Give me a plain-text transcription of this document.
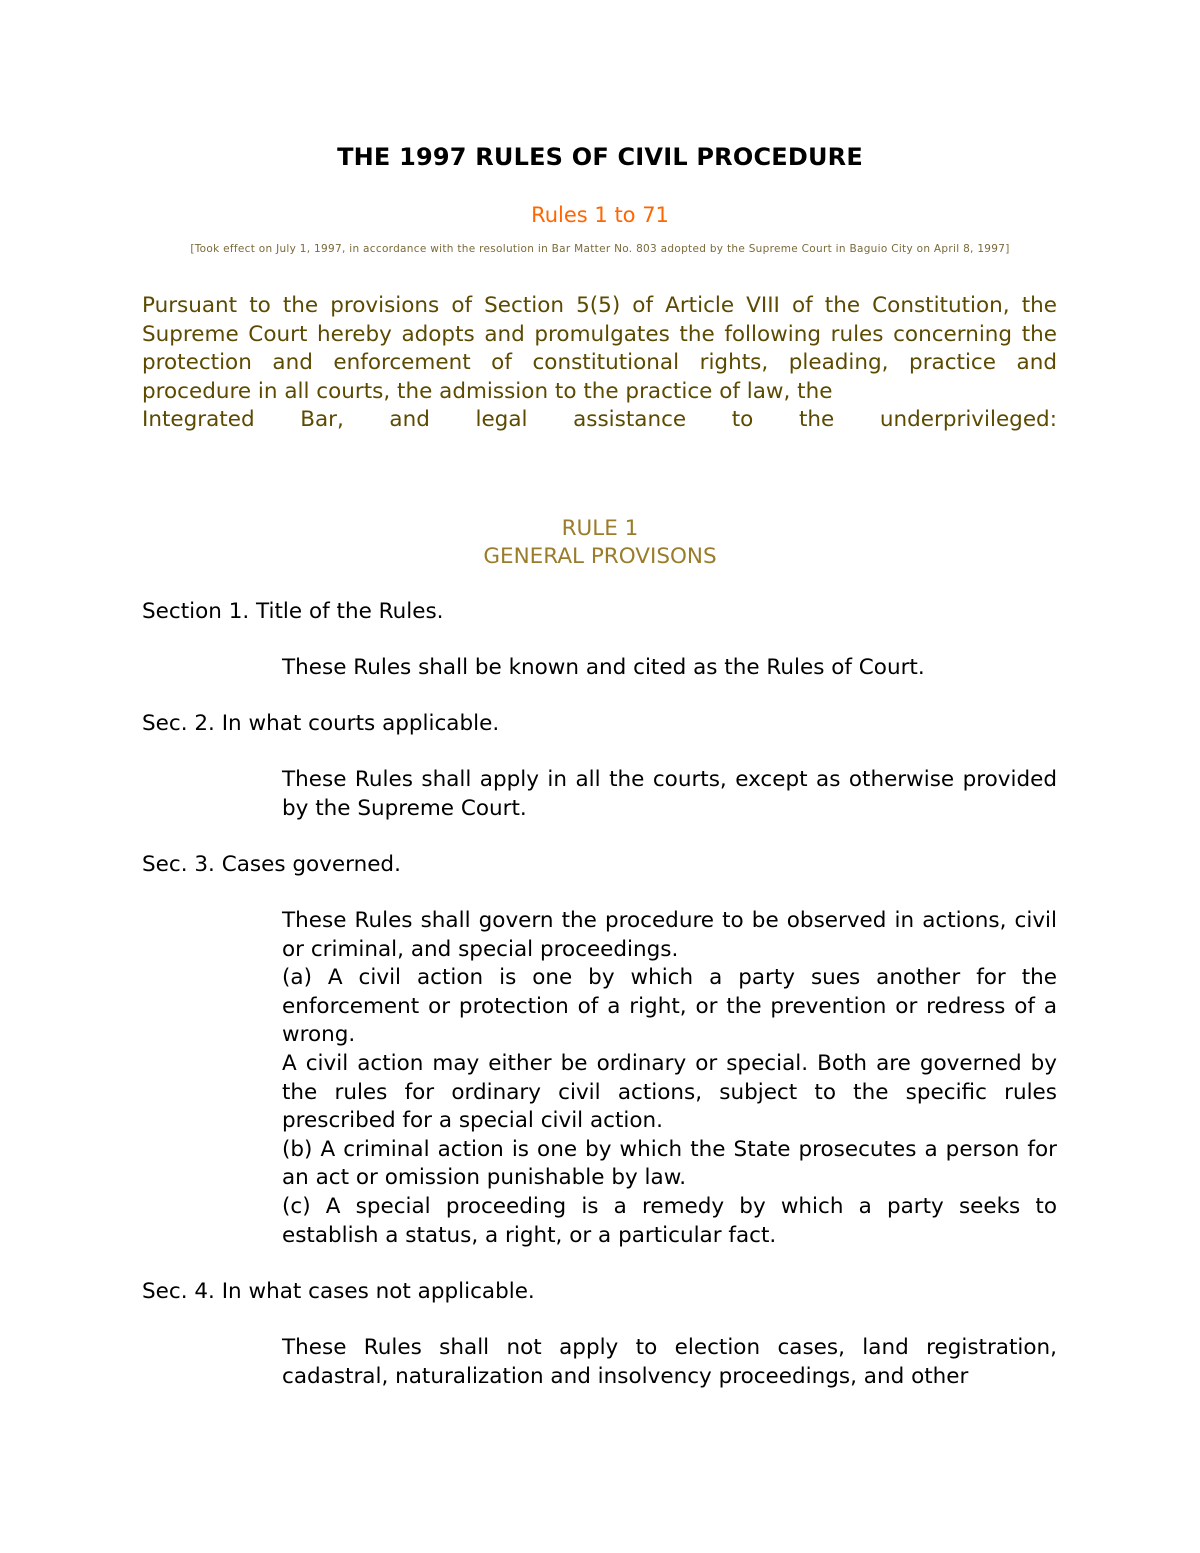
THE 1997 RULES OF CIVIL PROCEDURE
Rules 1 to 71
[Took effect on July 1, 1997, in accordance with the resolution in Bar Matter No. 803 adopted by the Supreme Court in Baguio City on April 8, 1997]
Pursuant to the provisions of Section 5(5) of Article VIII of the Constitution, the Supreme Court hereby adopts and promulgates the following rules concerning the protection and enforcement of constitutional rights, pleading, practice and procedure in all courts, the admission to the practice of law, the
Integrated Bar, and legal assistance to the underprivileged:
RULE 1
GENERAL PROVISONS
Section 1. Title of the Rules.

These Rules shall be known and cited as the Rules of Court.

Sec. 2. In what courts applicable.

These Rules shall apply in all the courts, except as otherwise provided by the Supreme Court.

Sec. 3. Cases governed.

These Rules shall govern the procedure to be observed in actions, civil or criminal, and special proceedings.

(a) A civil action is one by which a party sues another for the enforcement or protection of a right, or the prevention or redress of a wrong.

A civil action may either be ordinary or special. Both are governed by the rules for ordinary civil actions, subject to the specific rules prescribed for a special civil action.

(b) A criminal action is one by which the State prosecutes a person for an act or omission punishable by law.

(c) A special proceeding is a remedy by which a party seeks to establish a status, a right, or a particular fact.

Sec. 4. In what cases not applicable.

These Rules shall not apply to election cases, land registration, cadastral, naturalization and insolvency proceedings, and other
